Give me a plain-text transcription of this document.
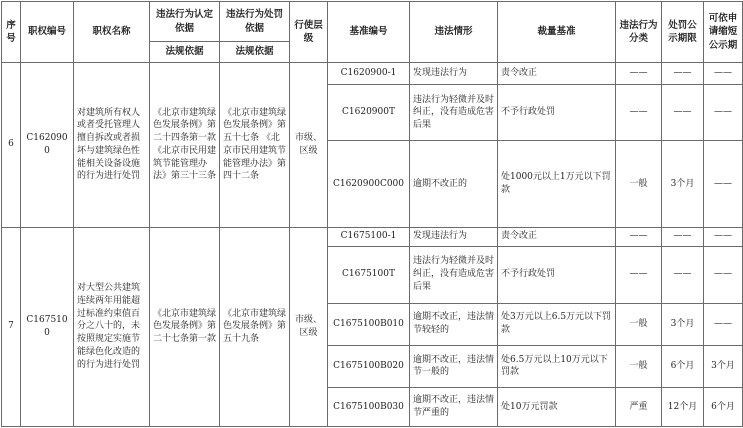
序号	职权编号	职权名称	违法行为认定依据	违法行为处罚依据	行使层级	基准编号	违法情形	裁量基准	违法行为分类	处罚公示期限	可依申请缩短公示期
			法规依据	法规依据							
6	C1620900	对建筑所有权人或者受托管理人擅自拆改或者损坏与建筑绿色性能相关设备设施的行为进行处罚	《北京市建筑绿色发展条例》第二十四条第一款 《北京市民用建筑节能管理办法》第三十三条	《北京市建筑绿色发展条例》第五十七条 《北京市民用建筑节能管理办法》第四十二条	市级、区级	C1620900-1	发现违法行为	责令改正	——	——	——
						C1620900T	违法行为轻微并及时纠正，没有造成危害后果	不予行政处罚	——	——	——
						C1620900C000	逾期不改正的	处1000元以上1万元以下罚款	一般	3个月	——
7	C1675100	对大型公共建筑连续两年用能超过标准约束值百分之八十的，未按照规定实施节能绿色化改造的的行为进行处罚	《北京市建筑绿色发展条例》第二十七条第一款	《北京市建筑绿色发展条例》第五十九条	市级、区级	C1675100-1	发现违法行为	责令改正	——	——	——
						C1675100T	违法行为轻微并及时纠正，没有造成危害后果	不予行政处罚	——	——	——
						C1675100B010	逾期不改正，违法情节较轻的	处3万元以上6.5万元以下罚款	一般	3个月	——
						C1675100B020	逾期不改正，违法情节一般的	处6.5万元以上10万元以下罚款	一般	6个月	3个月
						C1675100B030	逾期不改正，违法情节严重的	处10万元罚款	严重	12个月	6个月
